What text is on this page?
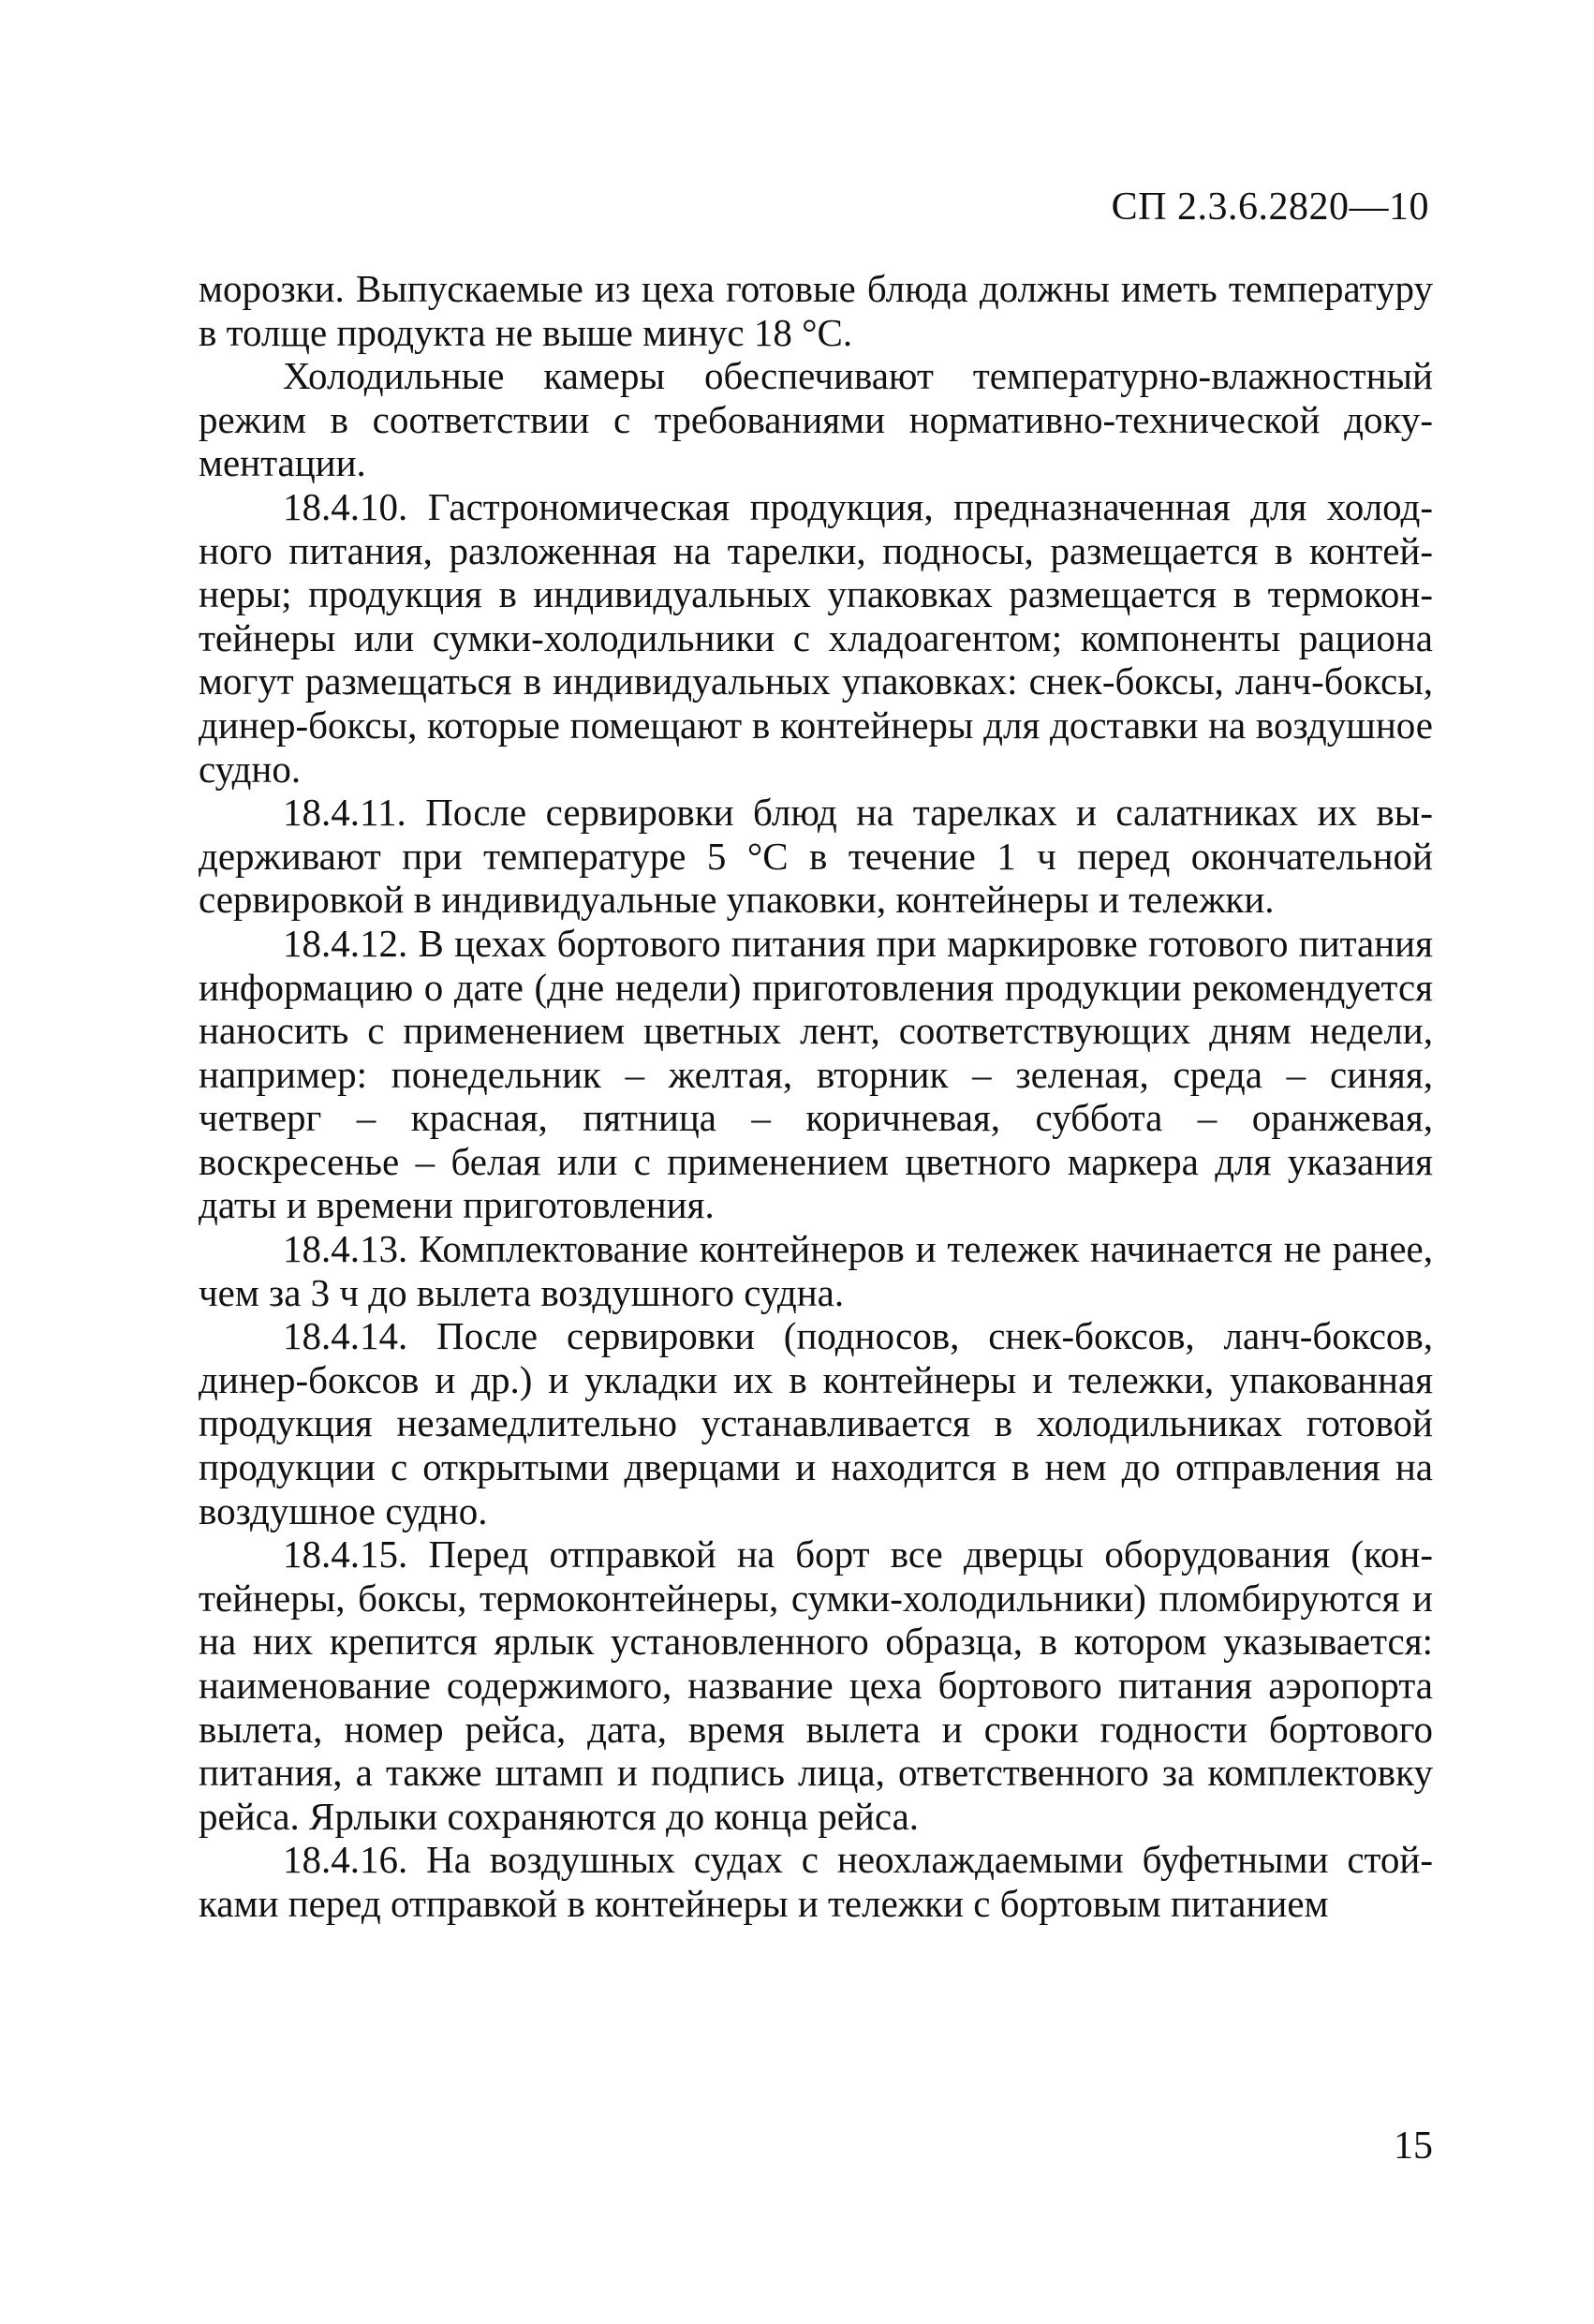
СП 2.3.6.2820—10

морозки. Выпускаемые из цеха готовые блюда должны иметь температуру в толще продукта не выше минус 18 °С.

Холодильные камеры обеспечивают температурно-влажностный режим в соответствии с требованиями нормативно-технической документации.

18.4.10. Гастрономическая продукция, предназначенная для холодного питания, разложенная на тарелки, подносы, размещается в контейнеры; продукция в индивидуальных упаковках размещается в термоконтейнеры или сумки-холодильники с хладоагентом; компоненты рациона могут размещаться в индивидуальных упаковках: снек-боксы, ланч-боксы, динер-боксы, которые помещают в контейнеры для доставки на воздушное судно.

18.4.11. После сервировки блюд на тарелках и салатниках их выдерживают при температуре 5 °С в течение 1 ч перед окончательной сервировкой в индивидуальные упаковки, контейнеры и тележки.

18.4.12. В цехах бортового питания при маркировке готового питания информацию о дате (дне недели) приготовления продукции рекомендуется наносить с применением цветных лент, соответствующих дням недели, например: понедельник – желтая, вторник – зеленая, среда – синяя, четверг – красная, пятница – коричневая, суббота – оранжевая, воскресенье – белая или с применением цветного маркера для указания даты и времени приготовления.

18.4.13. Комплектование контейнеров и тележек начинается не ранее, чем за 3 ч до вылета воздушного судна.

18.4.14. После сервировки (подносов, снек-боксов, ланч-боксов, динер-боксов и др.) и укладки их в контейнеры и тележки, упакованная продукция незамедлительно устанавливается в холодильниках готовой продукции с открытыми дверцами и находится в нем до отправления на воздушное судно.

18.4.15. Перед отправкой на борт все дверцы оборудования (контейнеры, боксы, термоконтейнеры, сумки-холодильники) пломбируются и на них крепится ярлык установленного образца, в котором указывается: наименование содержимого, название цеха бортового питания аэропорта вылета, номер рейса, дата, время вылета и сроки годности бортового питания, а также штамп и подпись лица, ответственного за комплектовку рейса. Ярлыки сохраняются до конца рейса.

18.4.16. На воздушных судах с неохлаждаемыми буфетными стойками перед отправкой в контейнеры и тележки с бортовым питанием

15
